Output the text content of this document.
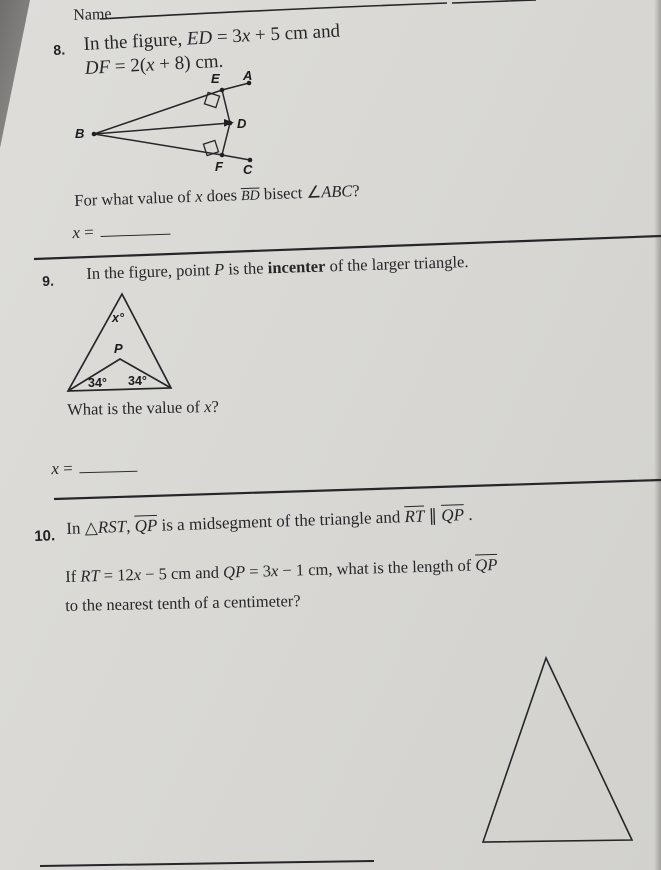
Name
8. In the figure, ED = 3x + 5 cm and
DF = 2(x + 8) cm.
A
B
C
D
E
F
For what value of x does $\overline{BD}$ bisect ∠ABC?
x =
9. In the figure, point P is the incenter of the larger triangle.
x°
P
34° 34°
What is the value of x?
x =
10. In △RST, $\overline{QP}$ is a midsegment of the triangle and $\overline{RT}$ ∥ $\overline{QP}$ .
If RT = 12x − 5 cm and QP = 3x − 1 cm, what is the length of $\overline{QP}$
to the nearest tenth of a centimeter?
